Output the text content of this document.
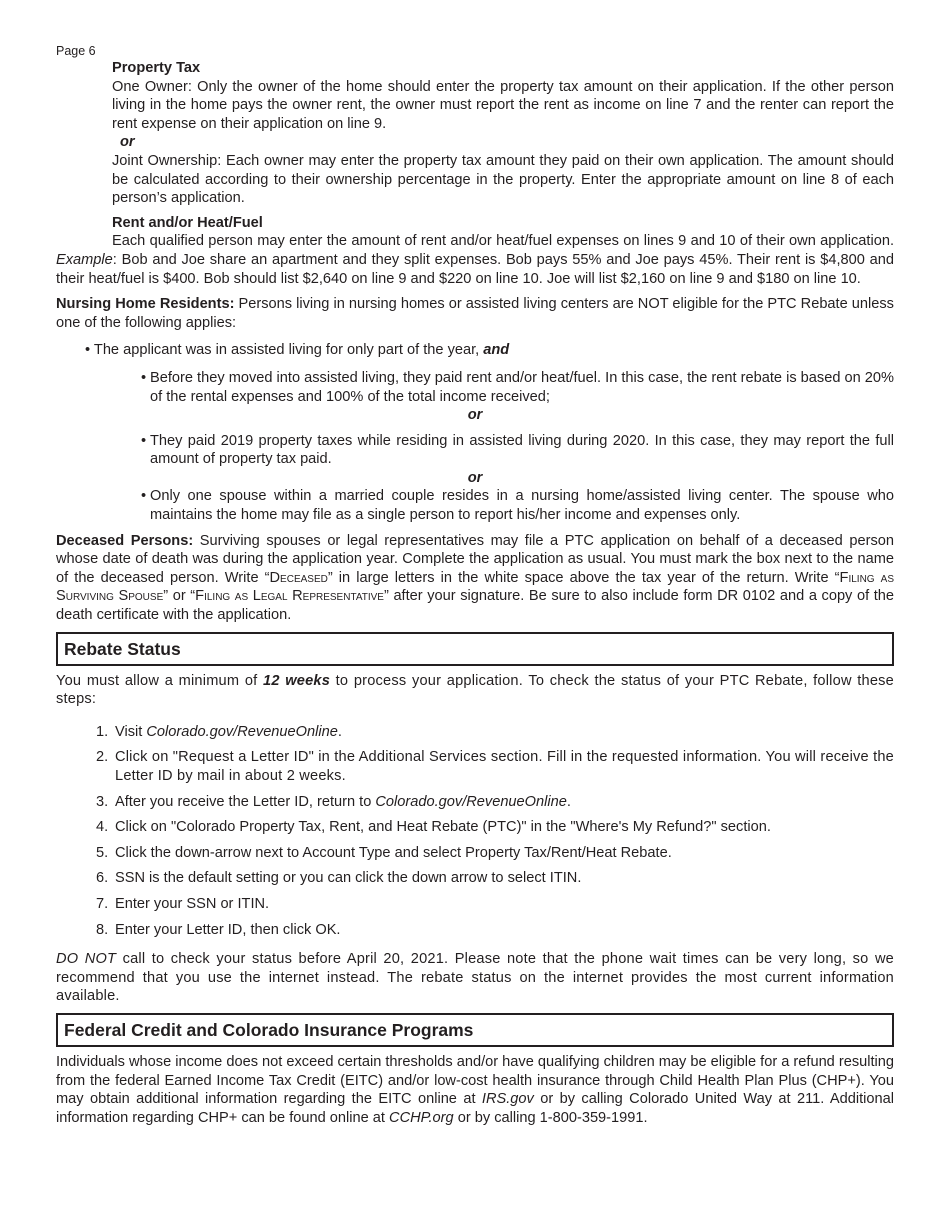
Page 6

Property Tax

One Owner: Only the owner of the home should enter the property tax amount on their application. If the other person living in the home pays the owner rent, the owner must report the rent as income on line 7 and the renter can report the rent expense on their application on line 9.

or

Joint Ownership: Each owner may enter the property tax amount they paid on their own application. The amount should be calculated according to their ownership percentage in the property. Enter the appropriate amount on line 8 of each person’s application.

Rent and/or Heat/Fuel

Each qualified person may enter the amount of rent and/or heat/fuel expenses on lines 9 and 10 of their own application. Example: Bob and Joe share an apartment and they split expenses. Bob pays 55% and Joe pays 45%. Their rent is $4,800 and their heat/fuel is $400. Bob should list $2,640 on line 9 and $220 on line 10. Joe will list $2,160 on line 9 and $180 on line 10.

Nursing Home Residents: Persons living in nursing homes or assisted living centers are NOT eligible for the PTC Rebate unless one of the following applies:

• The applicant was in assisted living for only part of the year, and

• Before they moved into assisted living, they paid rent and/or heat/fuel. In this case, the rent rebate is based on 20% of the rental expenses and 100% of the total income received;

or

• They paid 2019 property taxes while residing in assisted living during 2020. In this case, they may report the full amount of property tax paid.

or

• Only one spouse within a married couple resides in a nursing home/assisted living center. The spouse who maintains the home may file as a single person to report his/her income and expenses only.

Deceased Persons: Surviving spouses or legal representatives may file a PTC application on behalf of a deceased person whose date of death was during the application year. Complete the application as usual. You must mark the box next to the name of the deceased person. Write “Deceased” in large letters in the white space above the tax year of the return. Write “Filing as Surviving Spouse” or “Filing as Legal Representative” after your signature. Be sure to also include form DR 0102 and a copy of the death certificate with the application.

Rebate Status

You must allow a minimum of 12 weeks to process your application. To check the status of your PTC Rebate, follow these steps:

1. Visit Colorado.gov/RevenueOnline.
2. Click on "Request a Letter ID" in the Additional Services section. Fill in the requested information. You will receive the Letter ID by mail in about 2 weeks.
3. After you receive the Letter ID, return to Colorado.gov/RevenueOnline.
4. Click on "Colorado Property Tax, Rent, and Heat Rebate (PTC)" in the "Where's My Refund?" section.
5. Click the down-arrow next to Account Type and select Property Tax/Rent/Heat Rebate.
6. SSN is the default setting or you can click the down arrow to select ITIN.
7. Enter your SSN or ITIN.
8. Enter your Letter ID, then click OK.

DO NOT call to check your status before April 20, 2021. Please note that the phone wait times can be very long, so we recommend that you use the internet instead. The rebate status on the internet provides the most current information available.

Federal Credit and Colorado Insurance Programs

Individuals whose income does not exceed certain thresholds and/or have qualifying children may be eligible for a refund resulting from the federal Earned Income Tax Credit (EITC) and/or low-cost health insurance through Child Health Plan Plus (CHP+). You may obtain additional information regarding the EITC online at IRS.gov or by calling Colorado United Way at 211. Additional information regarding CHP+ can be found online at CCHP.org or by calling 1-800-359-1991.
